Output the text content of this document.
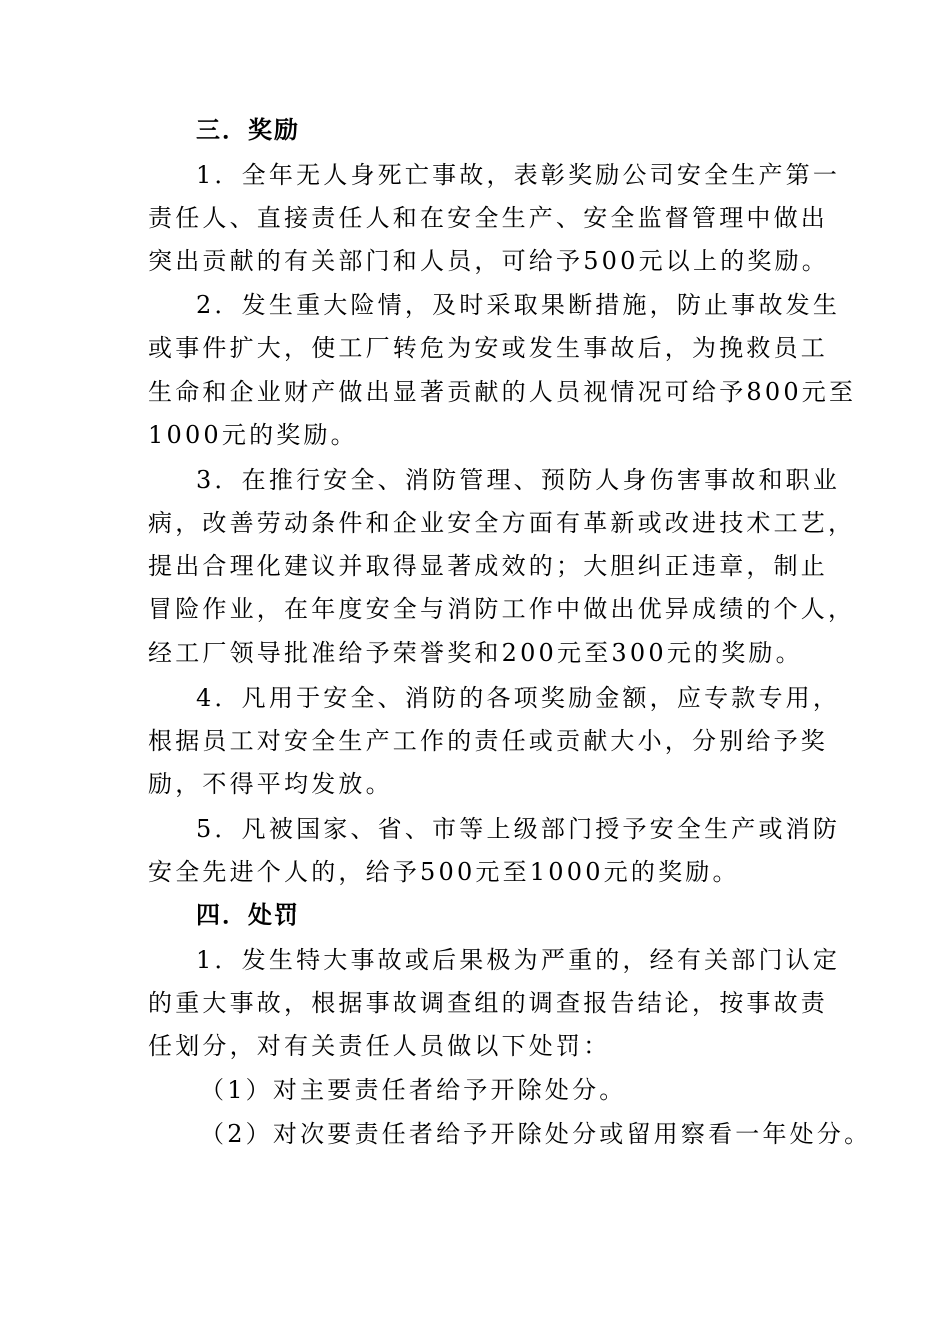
三．奖励
1．全年无人身死亡事故，表彰奖励公司安全生产第一
责任人、直接责任人和在安全生产、安全监督管理中做出
突出贡献的有关部门和人员，可给予500元以上的奖励。
2．发生重大险情，及时采取果断措施，防止事故发生
或事件扩大，使工厂转危为安或发生事故后，为挽救员工
生命和企业财产做出显著贡献的人员视情况可给予800元至
1000元的奖励。
3．在推行安全、消防管理、预防人身伤害事故和职业
病，改善劳动条件和企业安全方面有革新或改进技术工艺，
提出合理化建议并取得显著成效的；大胆纠正违章，制止
冒险作业，在年度安全与消防工作中做出优异成绩的个人，
经工厂领导批准给予荣誉奖和200元至300元的奖励。
4．凡用于安全、消防的各项奖励金额，应专款专用，
根据员工对安全生产工作的责任或贡献大小，分别给予奖
励，不得平均发放。
5．凡被国家、省、市等上级部门授予安全生产或消防
安全先进个人的，给予500元至1000元的奖励。
四．处罚
1．发生特大事故或后果极为严重的，经有关部门认定
的重大事故，根据事故调查组的调查报告结论，按事故责
任划分，对有关责任人员做以下处罚：
（1）对主要责任者给予开除处分。
（2）对次要责任者给予开除处分或留用察看一年处分。
